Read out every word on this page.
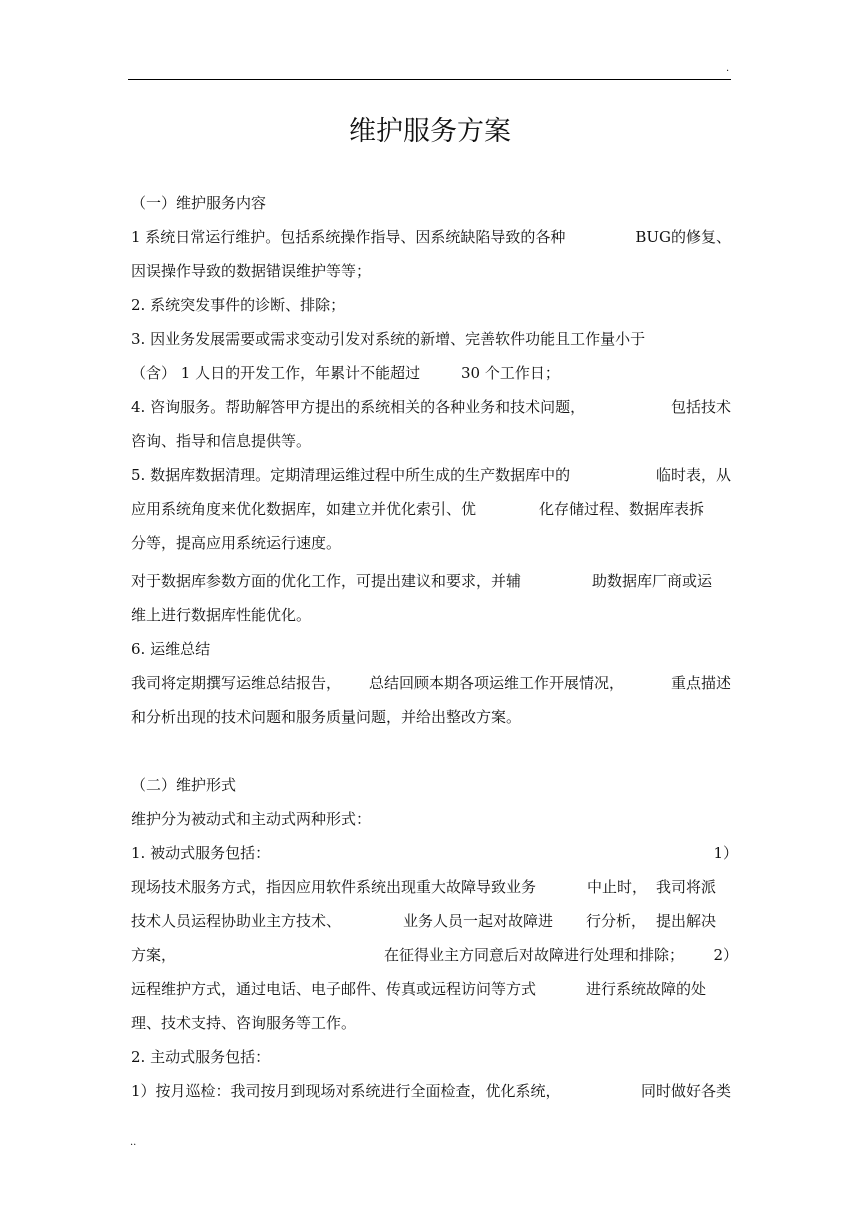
.
维护服务方案
（一）维护服务内容
1 系统日常运行维护。包括系统操作指导、因系统缺陷导致的各种	BUG的修复、
因误操作导致的数据错误维护等等；
2. 系统突发事件的诊断、排除；
3. 因业务发展需要或需求变动引发对系统的新增、完善软件功能且工作量小于
（含） 1 人日的开发工作，年累计不能超过	30 个工作日；
4. 咨询服务。帮助解答甲方提出的系统相关的各种业务和技术问题，	包括技术
咨询、指导和信息提供等。
5. 数据库数据清理。定期清理运维过程中所生成的生产数据库中的	临时表，从
应用系统角度来优化数据库，如建立并优化索引、优	化存储过程、数据库表拆
分等，提高应用系统运行速度。
对于数据库参数方面的优化工作，可提出建议和要求，并辅	助数据库厂商或运
维上进行数据库性能优化。
6. 运维总结
我司将定期撰写运维总结报告， 总结回顾本期各项运维工作开展情况，	重点描述
和分析出现的技术问题和服务质量问题，并给出整改方案。
（二）维护形式
维护分为被动式和主动式两种形式：
1. 被动式服务包括：	1）
现场技术服务方式，指因应用软件系统出现重大故障导致业务	中止时， 我司将派
技术人员运程协助业主方技术、	业务人员一起对故障进 行分析， 提出解决
方案，	在征得业主方同意后对故障进行处理和排除； 2）
远程维护方式，通过电话、电子邮件、传真或远程访问等方式	进行系统故障的处
理、技术支持、咨询服务等工作。
2. 主动式服务包括：
1）按月巡检：我司按月到现场对系统进行全面检查，优化系统，	同时做好各类
..
